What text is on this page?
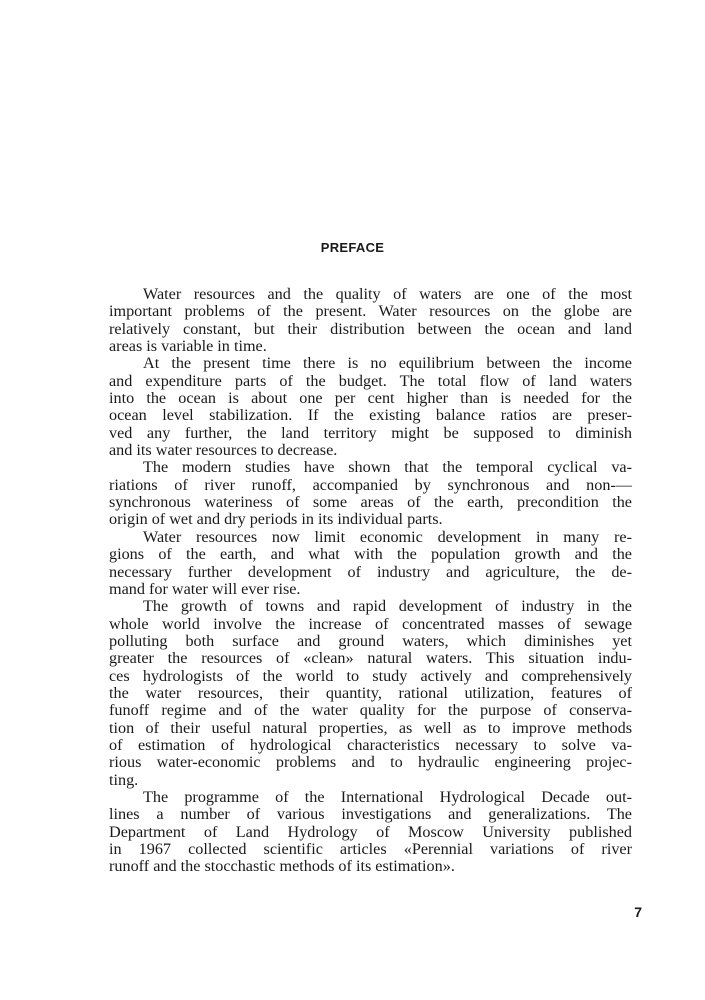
PREFACE
Water resources and the quality of waters are one of the most
important problems of the present. Water resources on the globe are
relatively constant, but their distribution between the ocean and land
areas is variable in time.
At the present time there is no equilibrium between the income
and expenditure parts of the budget. The total flow of land waters
into the ocean is about one per cent higher than is needed for the
ocean level stabilization. If the existing balance ratios are preser-
ved any further, the land territory might be supposed to diminish
and its water resources to decrease.
The modern studies have shown that the temporal cyclical va-
riations of river runoff, accompanied by synchronous and non-—
synchronous wateriness of some areas of the earth, precondition the
origin of wet and dry periods in its individual parts.
Water resources now limit economic development in many re-
gions of the earth, and what with the population growth and the
necessary further development of industry and agriculture, the de-
mand for water will ever rise.
The growth of towns and rapid development of industry in the
whole world involve the increase of concentrated masses of sewage
polluting both surface and ground waters, which diminishes yet
greater the resources of «clean» natural waters. This situation indu-
ces hydrologists of the world to study actively and comprehensively
the water resources, their quantity, rational utilization, features of
funoff regime and of the water quality for the purpose of conserva-
tion of their useful natural properties, as well as to improve methods
of estimation of hydrological characteristics necessary to solve va-
rious water-economic problems and to hydraulic engineering projec-
ting.
The programme of the International Hydrological Decade out-
lines a number of various investigations and generalizations. The
Department of Land Hydrology of Moscow University published
in 1967 collected scientific articles «Perennial variations of river
runoff and the stocchastic methods of its estimation».
7
